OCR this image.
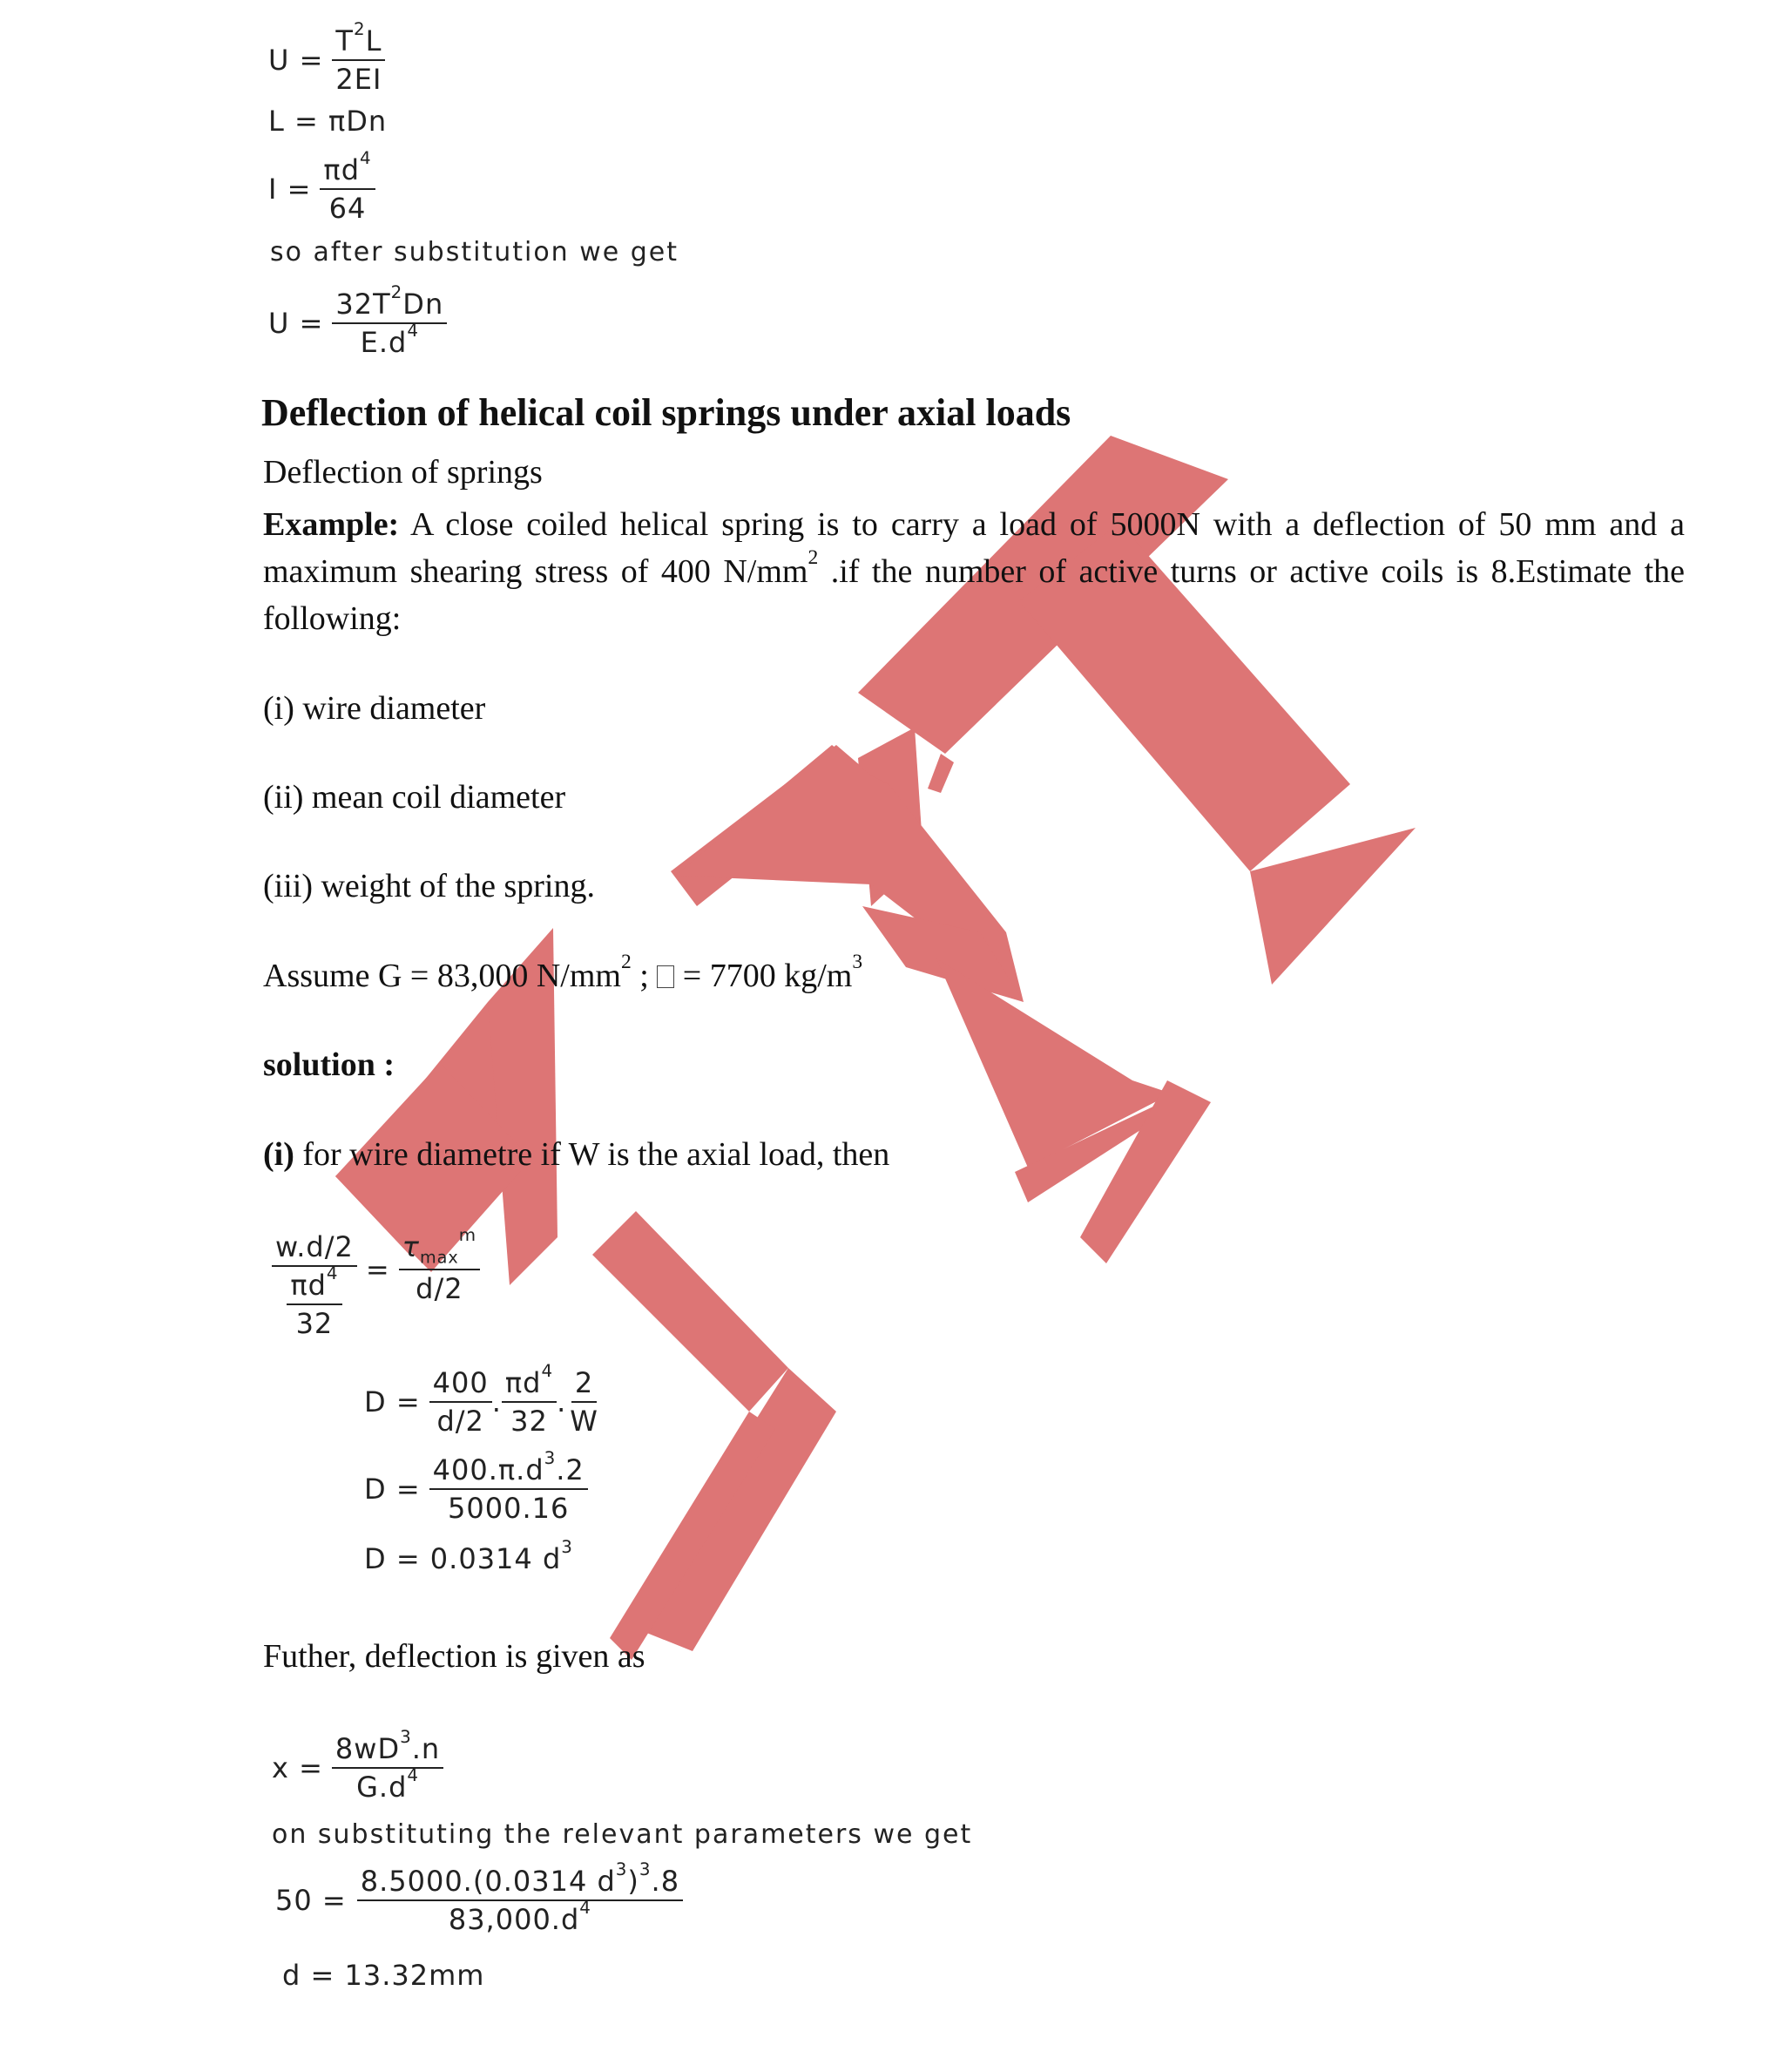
$U = \frac{T^2L}{2EI}$
L = πDn
$I = \frac{\pi d^4}{64}$
so after substitution we get
$U = \frac{32T^2Dn}{E.d^4}$
Deflection of helical coil springs under axial loads
Deflection of springs
Example: A close coiled helical spring is to carry a load of 5000N with a deflection of 50 mm and a maximum shearing stress of 400 $N/mm^2$ .if the number of active turns or active coils is 8.Estimate the following:
(i) wire diameter
(ii) mean coil diameter
(iii) weight of the spring.
Assume G = 83,000 $N/mm^2$ ;  = 7700 $kg/m^3$
solution :
(i) for wire diametre if W is the axial load, then
$\frac{w.d/2}{\frac{\pi d^4}{32}} = \frac{\tau_{max}^m}{d/2}$
$D = \frac{400}{d/2}$ . $\frac{\pi d^4}{32}$ . $\frac{2}{W}$
$D = \frac{400.\pi.d^3.2}{5000.16}$
D = 0.0314 $d^3$
Futher, deflection is given as
$x = \frac{8wD^3.n}{G.d^4}$
on substituting the relevant parameters we get
$50 = \frac{8.5000.(0.0314 d^3)^3.8}{83,000.d^4}$
d = 13.32mm
